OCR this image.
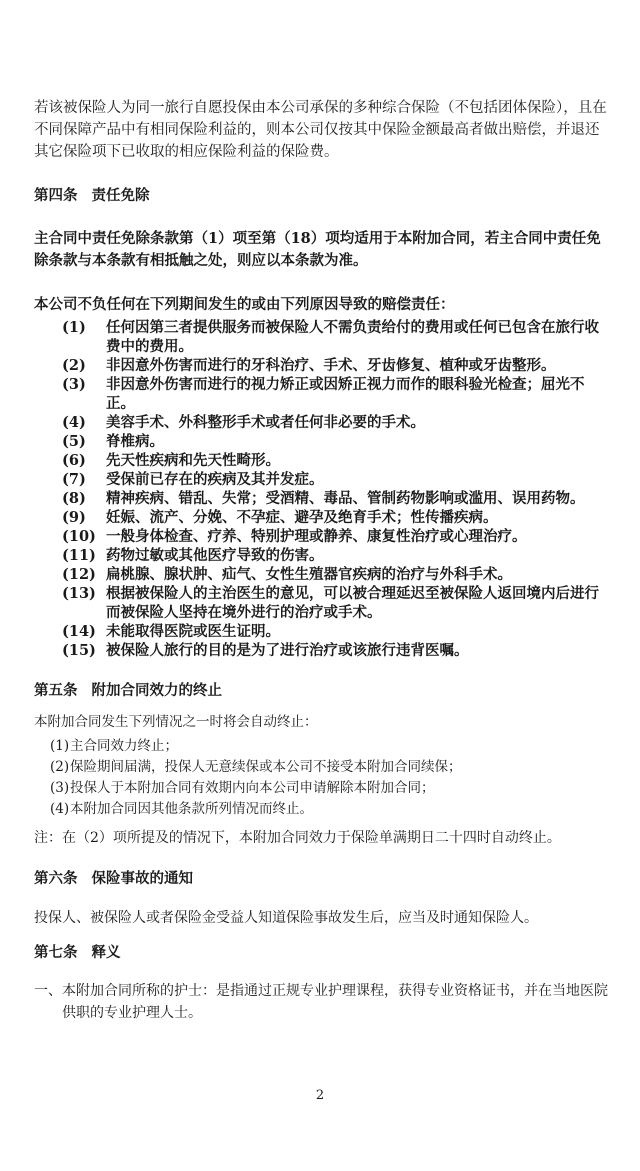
若该被保险人为同一旅行自愿投保由本公司承保的多种综合保险（不包括团体保险），且在不同保障产品中有相同保险利益的，则本公司仅按其中保险金额最高者做出赔偿，并退还其它保险项下已收取的相应保险利益的保险费。

第四条 责任免除

主合同中责任免除条款第（1）项至第（18）项均适用于本附加合同，若主合同中责任免除条款与本条款有相抵触之处，则应以本条款为准。

本公司不负任何在下列期间发生的或由下列原因导致的赔偿责任：

(1)	任何因第三者提供服务而被保险人不需负责给付的费用或任何已包含在旅行收费中的费用。
(2)	非因意外伤害而进行的牙科治疗、手术、牙齿修复、植种或牙齿整形。
(3)	非因意外伤害而进行的视力矫正或因矫正视力而作的眼科验光检查；屈光不正。
(4)	美容手术、外科整形手术或者任何非必要的手术。
(5)	脊椎病。
(6)	先天性疾病和先天性畸形。
(7)	受保前已存在的疾病及其并发症。
(8)	精神疾病、错乱、失常；受酒精、毒品、管制药物影响或滥用、误用药物。
(9)	妊娠、流产、分娩、不孕症、避孕及绝育手术；性传播疾病。
(10) 一般身体检查、疗养、特别护理或静养、康复性治疗或心理治疗。
(11) 药物过敏或其他医疗导致的伤害。
(12) 扁桃腺、腺状肿、疝气、女性生殖器官疾病的治疗与外科手术。
(13) 根据被保险人的主治医生的意见，可以被合理延迟至被保险人返回境内后进行而被保险人坚持在境外进行的治疗或手术。
(14) 未能取得医院或医生证明。
(15) 被保险人旅行的目的是为了进行治疗或该旅行违背医嘱。
第五条 附加合同效力的终止

本附加合同发生下列情况之一时将会自动终止：

(1) 主合同效力终止；
(2) 保险期间届满，投保人无意续保或本公司不接受本附加合同续保；
(3) 投保人于本附加合同有效期内向本公司申请解除本附加合同；
(4) 本附加合同因其他条款所列情况而终止。

注：在（2）项所提及的情况下，本附加合同效力于保险单满期日二十四时自动终止。

第六条 保险事故的通知

投保人、被保险人或者保险金受益人知道保险事故发生后，应当及时通知保险人。

第七条 释义
一、 本附加合同所称的护士：是指通过正规专业护理课程，获得专业资格证书，并在当地医院供职的专业护理人士。
2
